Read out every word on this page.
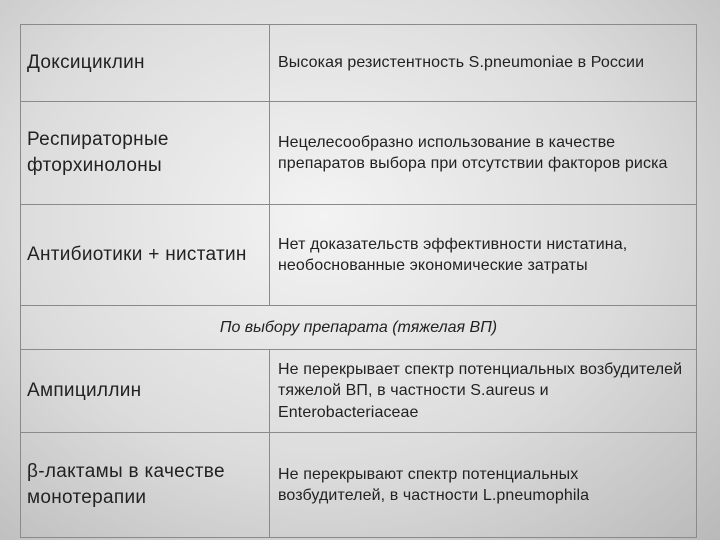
Доксициклин	Высокая резистентность S.pneumoniae в России
Респираторные фторхинолоны
Нецелесообразно использование в качестве препаратов выбора при отсутствии факторов риска
Антибиотики + нистатин Нет доказательств эффективности нистатина, необоснованные экономические затраты
По выбору препарата (тяжелая ВП)
Ампициллин
Не перекрывает спектр потенциальных возбудителей тяжелой ВП, в частности S.aureus и Enterobacteriaceae
β-лактамы в качестве монотерапии
Не перекрывают спектр потенциальных возбудителей, в частности L.pneumophila
